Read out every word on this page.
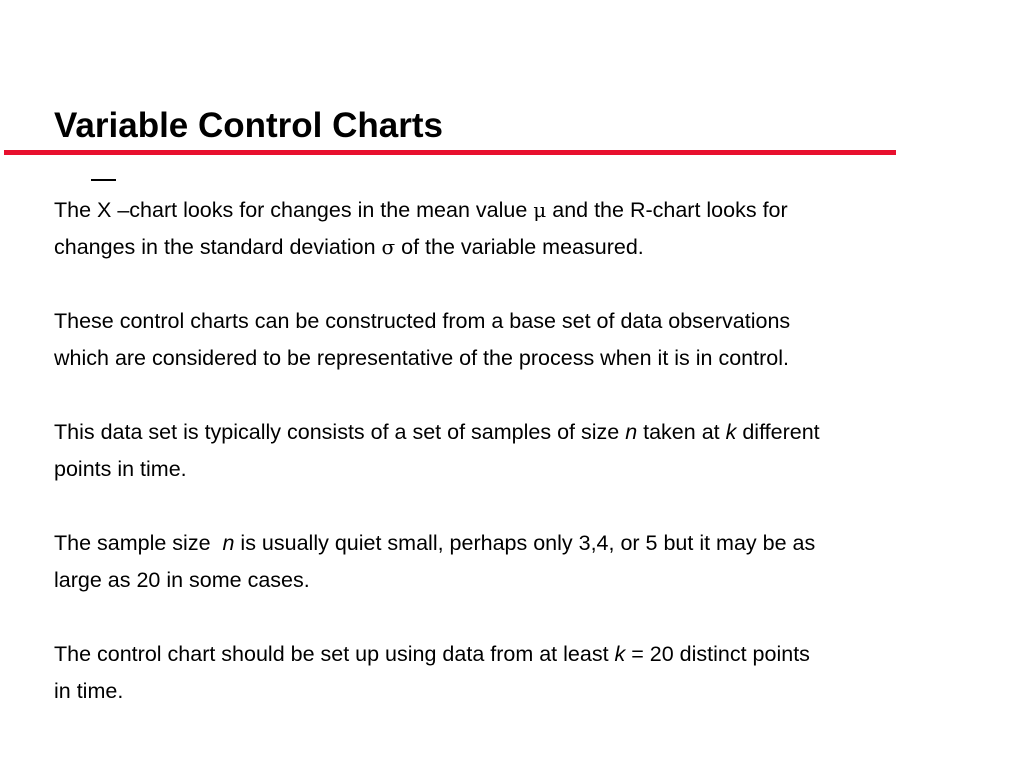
Variable Control Charts

The
X –chart looks for changes in the mean value μ and the R-chart looks for
changes in the standard deviation σ of the variable measured.

These control charts can be constructed from a base set of data observations
which are considered to be representative of the process when it is in control.

This data set is typically consists of a set of samples of size n taken at k different
points in time.

The sample size  n is usually quiet small, perhaps only 3,4, or 5 but it may be as
large as 20 in some cases.

The control chart should be set up using data from at least k = 20 distinct points
in time.
